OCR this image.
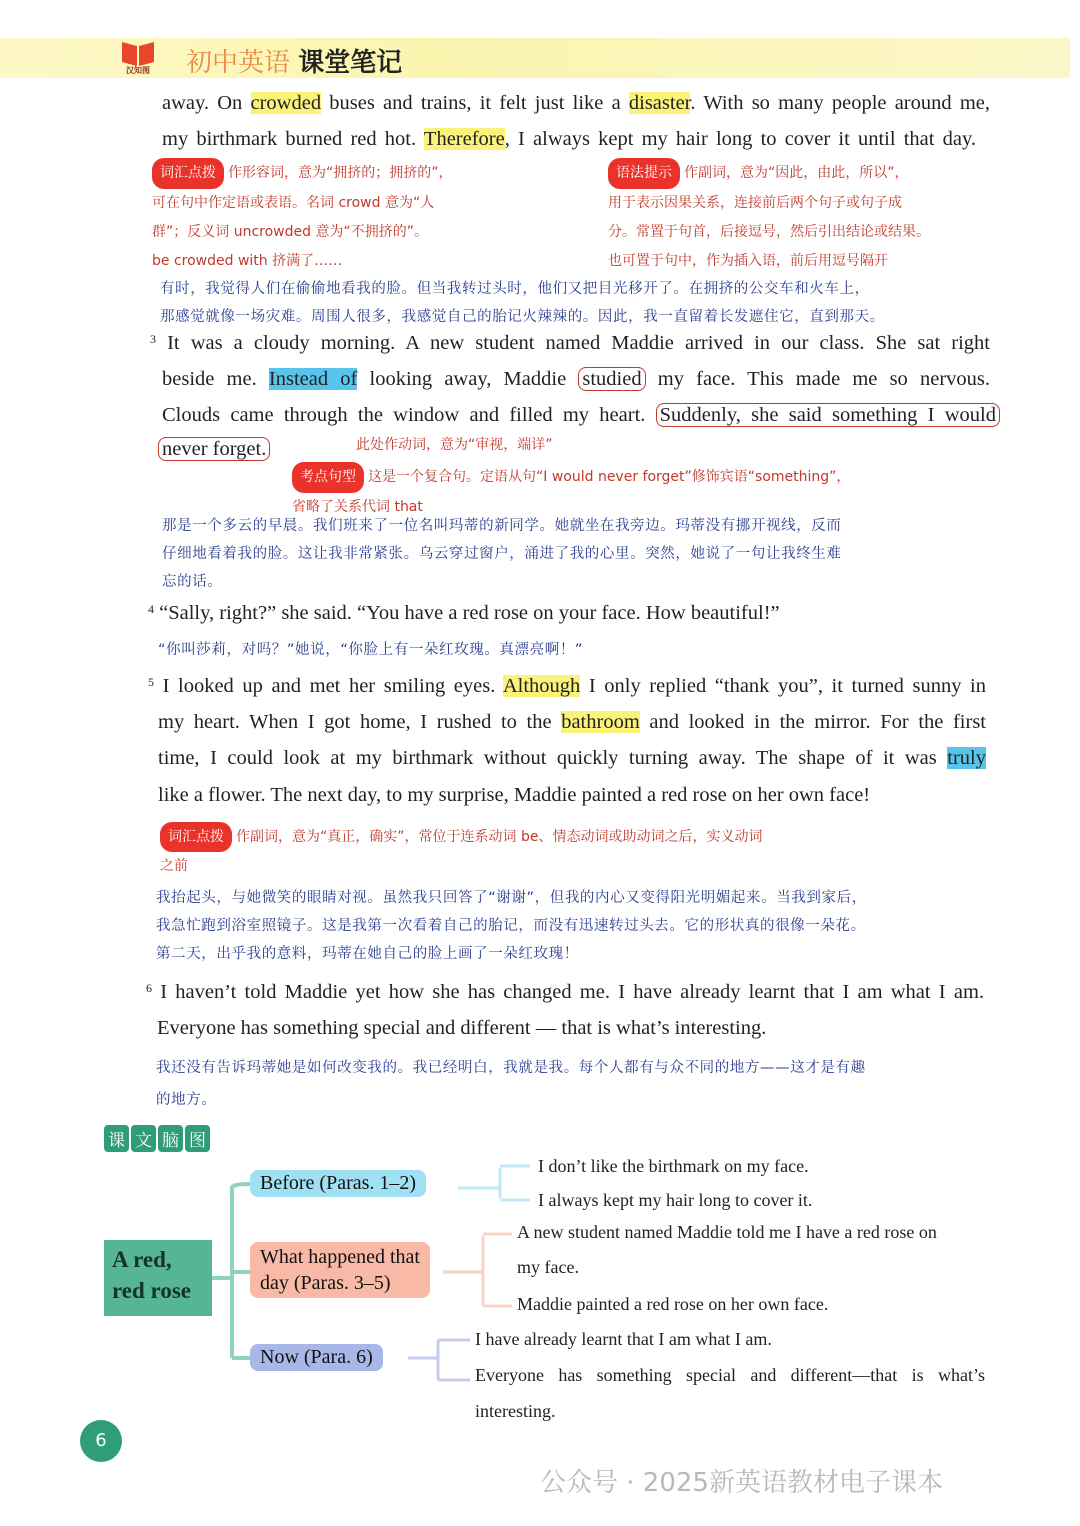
汉知图 初中英语 课堂笔记
away. On crowded buses and trains, it felt just like a disaster. With so many people around me,
my birthmark burned red hot. Therefore, I always kept my hair long to cover it until that day.
词汇点拨 作形容词，意为“拥挤的；拥挤的”，
可在句中作定语或表语。名词 crowd 意为“人
群”；反义词 uncrowded 意为“不拥挤的”。
be crowded with 挤满了……
语法提示 作副词，意为“因此，由此，所以”，
用于表示因果关系，连接前后两个句子或句子成
分。常置于句首，后接逗号，然后引出结论或结果。
也可置于句中，作为插入语，前后用逗号隔开
有时，我觉得人们在偷偷地看我的脸。但当我转过头时，他们又把目光移开了。在拥挤的公交车和火车上，
那感觉就像一场灾难。周围人很多，我感觉自己的胎记火辣辣的。因此，我一直留着长发遮住它，直到那天。
$^3$ It was a cloudy morning. A new student named Maddie arrived in our class. She sat right
beside me. Instead of looking away, Maddie studied my face. This made me so nervous.
Clouds came through the window and filled my heart. Suddenly, she said something I would
never forget.	此处作动词，意为“审视，端详”
考点句型 这是一个复合句。定语从句“I would never forget”修饰宾语“something”，
省略了关系代词 that
那是一个多云的早晨。我们班来了一位名叫玛蒂的新同学。她就坐在我旁边。玛蒂没有挪开视线，反而
仔细地看着我的脸。这让我非常紧张。乌云穿过窗户，涌进了我的心里。突然，她说了一句让我终生难
忘的话。
$^4$ “Sally, right?” she said. “You have a red rose on your face. How beautiful!”
“你叫莎莉，对吗？”她说，“你脸上有一朵红玫瑰。真漂亮啊！”
$^5$ I looked up and met her smiling eyes. Although I only replied “thank you”, it turned sunny in
my heart. When I got home, I rushed to the bathroom and looked in the mirror. For the first
time, I could look at my birthmark without quickly turning away. The shape of it was truly
like a flower. The next day, to my surprise, Maddie painted a red rose on her own face!
词汇点拨 作副词，意为“真正，确实”，常位于连系动词 be、情态动词或助动词之后，实义动词
之前
我抬起头，与她微笑的眼睛对视。虽然我只回答了“谢谢”，但我的内心又变得阳光明媚起来。当我到家后，
我急忙跑到浴室照镜子。这是我第一次看着自己的胎记，而没有迅速转过头去。它的形状真的很像一朵花。
第二天，出乎我的意料，玛蒂在她自己的脸上画了一朵红玫瑰！
$^6$ I haven’t told Maddie yet how she has changed me. I have already learnt that I am what I am.
Everyone has something special and different — that is what’s interesting.
我还没有告诉玛蒂她是如何改变我的。我已经明白，我就是我。每个人都有与众不同的地方——这才是有趣
的地方。
课 文 脑 图
A red,
red rose
Before (Paras. 1–2)
What happened that
day (Paras. 3–5)
Now (Para. 6)
I don’t like the birthmark on my face.
I always kept my hair long to cover it.
A new student named Maddie told me I have a red rose on
my face.
Maddie painted a red rose on her own face.
I have already learnt that I am what I am.
Everyone has something special and different—that is what’s
interesting.
6
公众号 · 2025新英语教材电子课本
